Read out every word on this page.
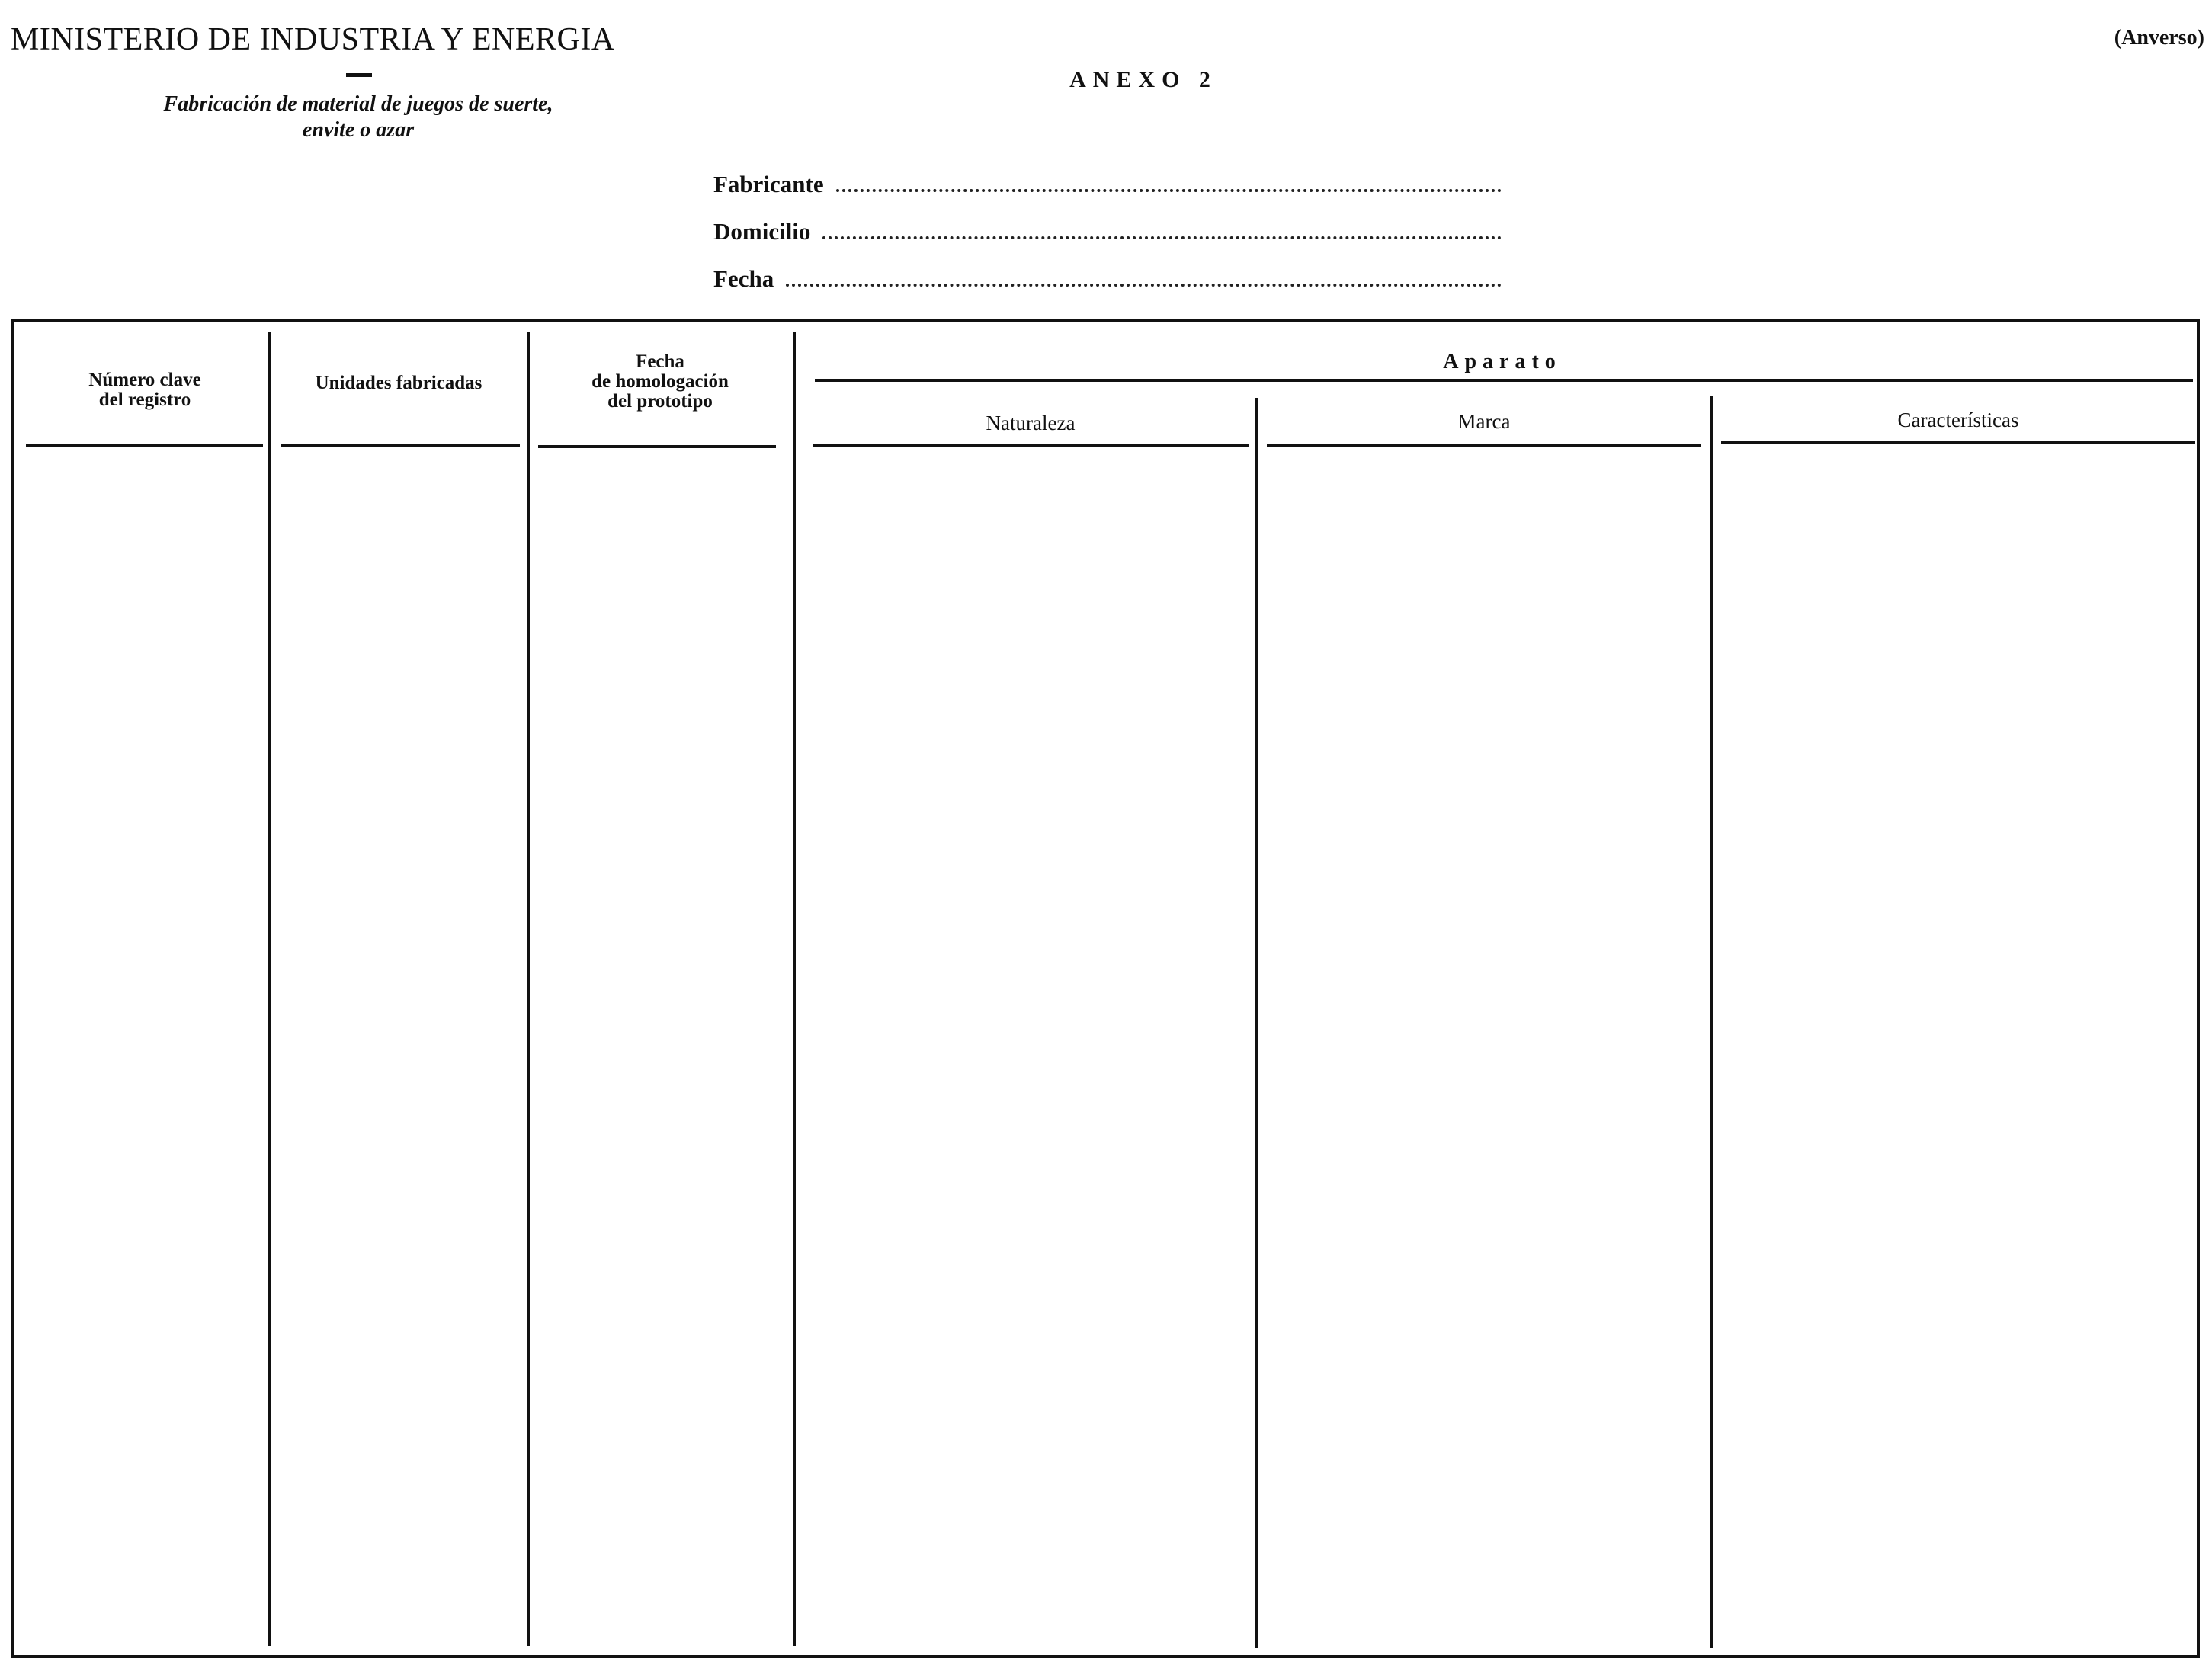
MINISTERIO DE INDUSTRIA Y ENERGIA
Fabricación de material de juegos de suerte,
envite o azar
(Anverso)
ANEXO 2
Fabricante
Domicilio
Fecha
Número clave
del registro
Unidades fabricadas
Fecha
de homologación
del prototipo
Aparato
Naturaleza	Marca	Características
